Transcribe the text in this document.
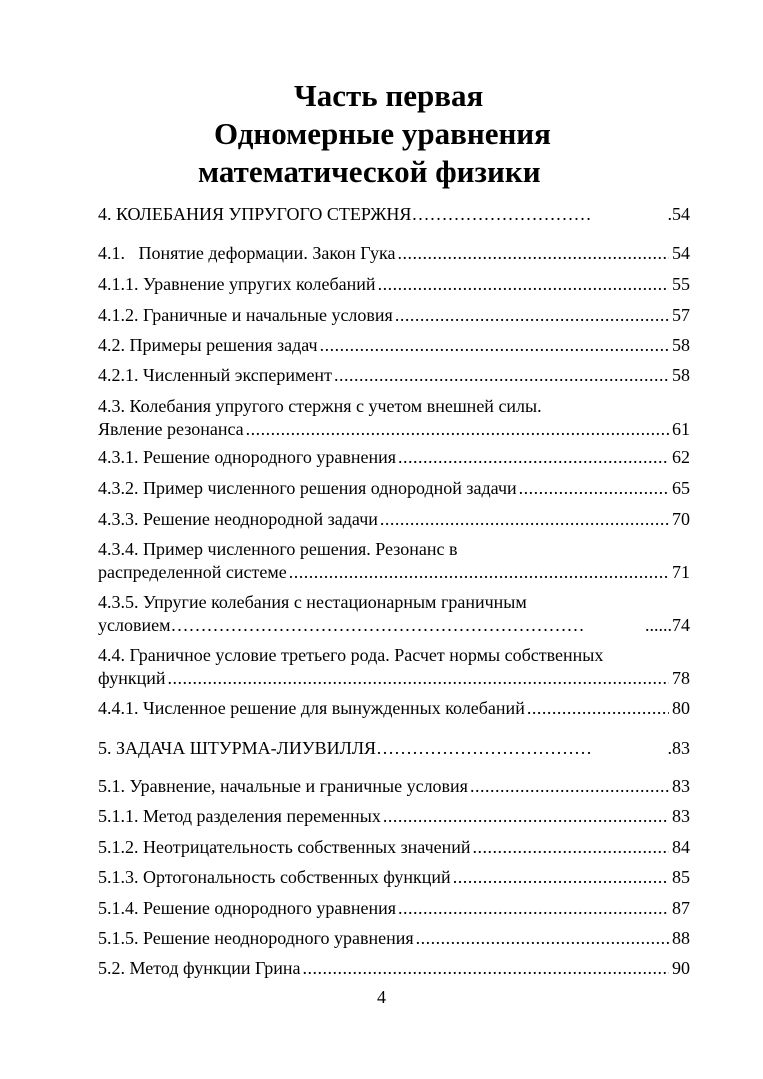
Часть первая
Одномерные уравнения
математической физики
4. КОЛЕБАНИЯ УПРУГОГО СТЕРЖНЯ …………………………	.54
4.1.   Понятие деформации. Закон Гука .....	54
4.1.1. Уравнение упругих колебаний .....	55
4.1.2. Граничные и начальные условия .....	57
4.2. Примеры решения задач .....	58
4.2.1. Численный эксперимент .....	58
4.3. Колебания упругого стержня с учетом внешней силы.
Явление резонанса .....	61
4.3.1. Решение однородного уравнения .....	62
4.3.2. Пример численного решения однородной задачи .....	65
4.3.3. Решение неоднородной задачи .....	70
4.3.4. Пример численного решения. Резонанс в
распределенной системе .....	71
4.3.5. Упругие колебания с нестационарным граничным
условием ……………………………………………………………	......74
4.4. Граничное условие третьего рода. Расчет нормы собственных
функций .....	78
4.4.1. Численное решение для вынужденных колебаний .....	80
5. ЗАДАЧА ШТУРМА-ЛИУВИЛЛЯ ………………………………	.83
5.1. Уравнение, начальные и граничные условия .....	83
5.1.1. Метод разделения переменных .....	83
5.1.2. Неотрицательность собственных значений .....	84
5.1.3. Ортогональность собственных функций .....	85
5.1.4. Решение однородного уравнения .....	87
5.1.5. Решение неоднородного уравнения .....	88
5.2. Метод функции Грина .....	90
4
